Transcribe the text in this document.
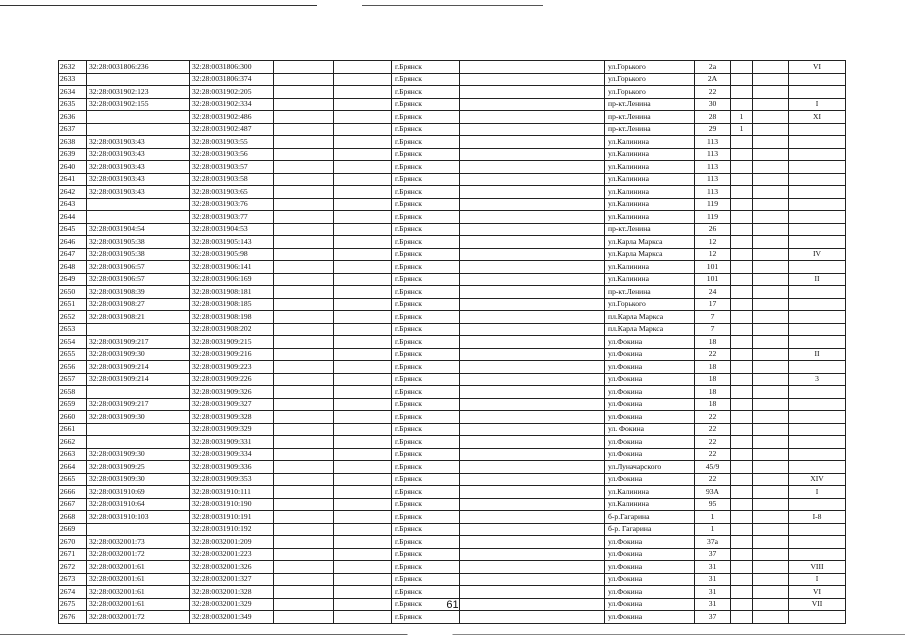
2632	32:28:0031806:236	32:28:0031806:300			г.Брянск		ул.Горького	2а			VI
2633		32:28:0031806:374			г.Брянск		ул.Горького	2А			
2634	32:28:0031902:123	32:28:0031902:205			г.Брянск		ул.Горького	22			
2635	32:28:0031902:155	32:28:0031902:334			г.Брянск		пр-кт.Ленина	30			I
2636		32:28:0031902:486			г.Брянск		пр-кт.Ленина	28	1		XI
2637		32:28:0031902:487			г.Брянск		пр-кт.Ленина	29	1		
2638	32:28:0031903:43	32:28:0031903:55			г.Брянск		ул.Калинина	113			
2639	32:28:0031903:43	32:28:0031903:56			г.Брянск		ул.Калинина	113			
2640	32:28:0031903:43	32:28:0031903:57			г.Брянск		ул.Калинина	113			
2641	32:28:0031903:43	32:28:0031903:58			г.Брянск		ул.Калинина	113			
2642	32:28:0031903:43	32:28:0031903:65			г.Брянск		ул.Калинина	113			
2643		32:28:0031903:76			г.Брянск		ул.Калинина	119			
2644		32:28:0031903:77			г.Брянск		ул.Калинина	119			
2645	32:28:0031904:54	32:28:0031904:53			г.Брянск		пр-кт.Ленина	26			
2646	32:28:0031905:38	32:28:0031905:143			г.Брянск		ул.Карла Маркса	12			
2647	32:28:0031905:38	32:28:0031905:98			г.Брянск		ул.Карла Маркса	12			IV
2648	32:28:0031906:57	32:28:0031906:141			г.Брянск		ул.Калинина	101			
2649	32:28:0031906:57	32:28:0031906:169			г.Брянск		ул.Калинина	101			II
2650	32:28:0031908:39	32:28:0031908:181			г.Брянск		пр-кт.Ленина	24			
2651	32:28:0031908:27	32:28:0031908:185			г.Брянск		ул.Горького	17			
2652	32:28:0031908:21	32:28:0031908:198			г.Брянск		пл.Карла Маркса	7			
2653		32:28:0031908:202			г.Брянск		пл.Карла Маркса	7			
2654	32:28:0031909:217	32:28:0031909:215			г.Брянск		ул.Фокина	18			
2655	32:28:0031909:30	32:28:0031909:216			г.Брянск		ул.Фокина	22			II
2656	32:28:0031909:214	32:28:0031909:223			г.Брянск		ул.Фокина	18			
2657	32:28:0031909:214	32:28:0031909:226			г.Брянск		ул.Фокина	18			3
2658		32:28:0031909:326			г.Брянск		ул.Фокина	18			
2659	32:28:0031909:217	32:28:0031909:327			г.Брянск		ул.Фокина	18			
2660	32:28:0031909:30	32:28:0031909:328			г.Брянск		ул.Фокина	22			
2661		32:28:0031909:329			г.Брянск		ул. Фокина	22			
2662		32:28:0031909:331			г.Брянск		ул.Фокина	22			
2663	32:28:0031909:30	32:28:0031909:334			г.Брянск		ул.Фокина	22			
2664	32:28:0031909:25	32:28:0031909:336			г.Брянск		ул.Луначарского	45/9			
2665	32:28:0031909:30	32:28:0031909:353			г.Брянск		ул.Фокина	22			XIV
2666	32:28:0031910:69	32:28:0031910:111			г.Брянск		ул.Калинина	93А			I
2667	32:28:0031910:64	32:28:0031910:190			г.Брянск		ул.Калинина	95			
2668	32:28:0031910:103	32:28:0031910:191			г.Брянск		б-р.Гагарина	1			I-8
2669		32:28:0031910:192			г.Брянск		б-р. Гагарина	1			
2670	32:28:0032001:73	32:28:0032001:209			г.Брянск		ул.Фокина	37а			
2671	32:28:0032001:72	32:28:0032001:223			г.Брянск		ул.Фокина	37			
2672	32:28:0032001:61	32:28:0032001:326			г.Брянск		ул.Фокина	31			VIII
2673	32:28:0032001:61	32:28:0032001:327			г.Брянск		ул.Фокина	31			I
2674	32:28:0032001:61	32:28:0032001:328			г.Брянск		ул.Фокина	31			VI
2675	32:28:0032001:61	32:28:0032001:329			г.Брянск		ул.Фокина	31			VII
2676	32:28:0032001:72	32:28:0032001:349			г.Брянск		ул.Фокина	37			
61
